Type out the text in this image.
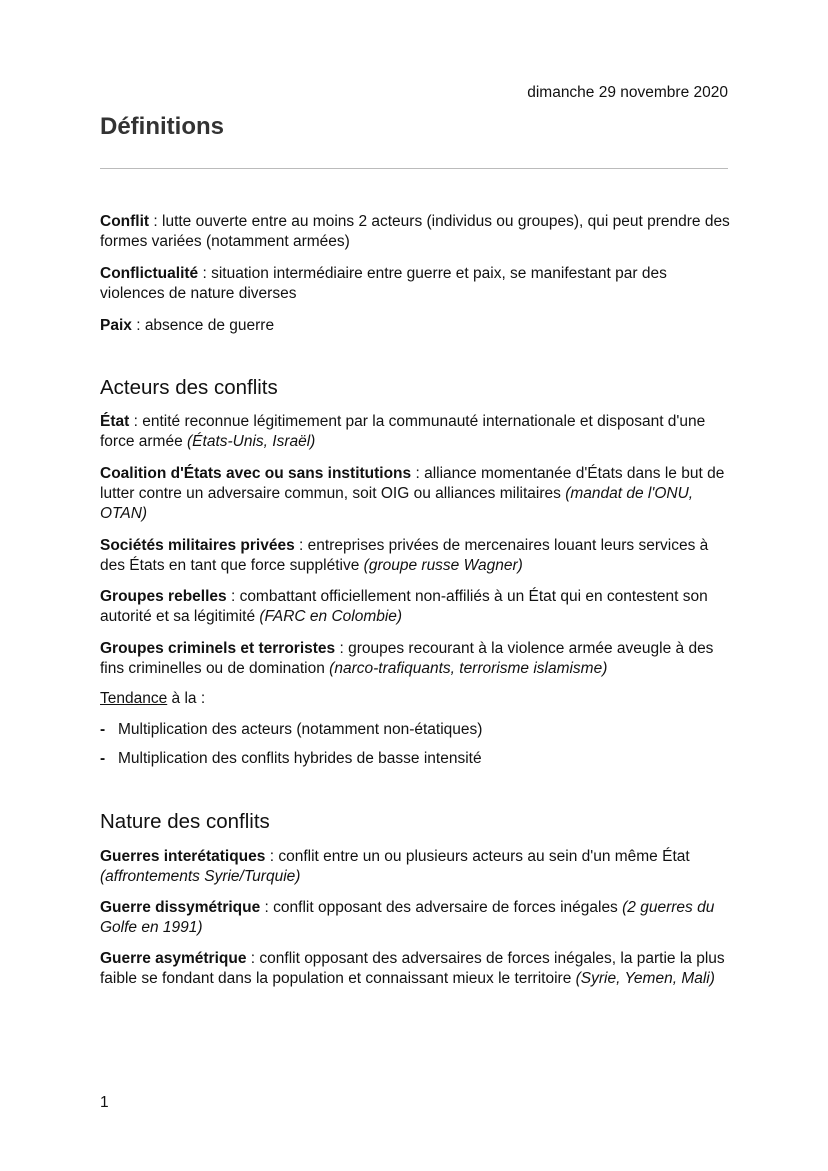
dimanche 29 novembre 2020
Définitions
Conflit : lutte ouverte entre au moins 2 acteurs (individus ou groupes), qui peut prendre des formes variées (notamment armées)
Conflictualité : situation intermédiaire entre guerre et paix, se manifestant par des violences de nature diverses
Paix : absence de guerre
Acteurs des conflits
État : entité reconnue légitimement par la communauté internationale et disposant d'une force armée (États-Unis, Israël)
Coalition d'États avec ou sans institutions : alliance momentanée d'États dans le but de lutter contre un adversaire commun, soit OIG ou alliances militaires (mandat de l'ONU, OTAN)
Sociétés militaires privées : entreprises privées de mercenaires louant leurs services à des États en tant que force supplétive (groupe russe Wagner)
Groupes rebelles : combattant officiellement non-affiliés à un État qui en contestent son autorité et sa légitimité (FARC en Colombie)
Groupes criminels et terroristes : groupes recourant à la violence armée aveugle à des fins criminelles ou de domination (narco-trafiquants, terrorisme islamisme)
Tendance à la :
- Multiplication des acteurs (notamment non-étatiques)
- Multiplication des conflits hybrides de basse intensité
Nature des conflits
Guerres interétatiques : conflit entre un ou plusieurs acteurs au sein d'un même État (affrontements Syrie/Turquie)
Guerre dissymétrique : conflit opposant des adversaire de forces inégales (2 guerres du Golfe en 1991)
Guerre asymétrique : conflit opposant des adversaires de forces inégales, la partie la plus faible se fondant dans la population et connaissant mieux le territoire (Syrie, Yemen, Mali)
1
